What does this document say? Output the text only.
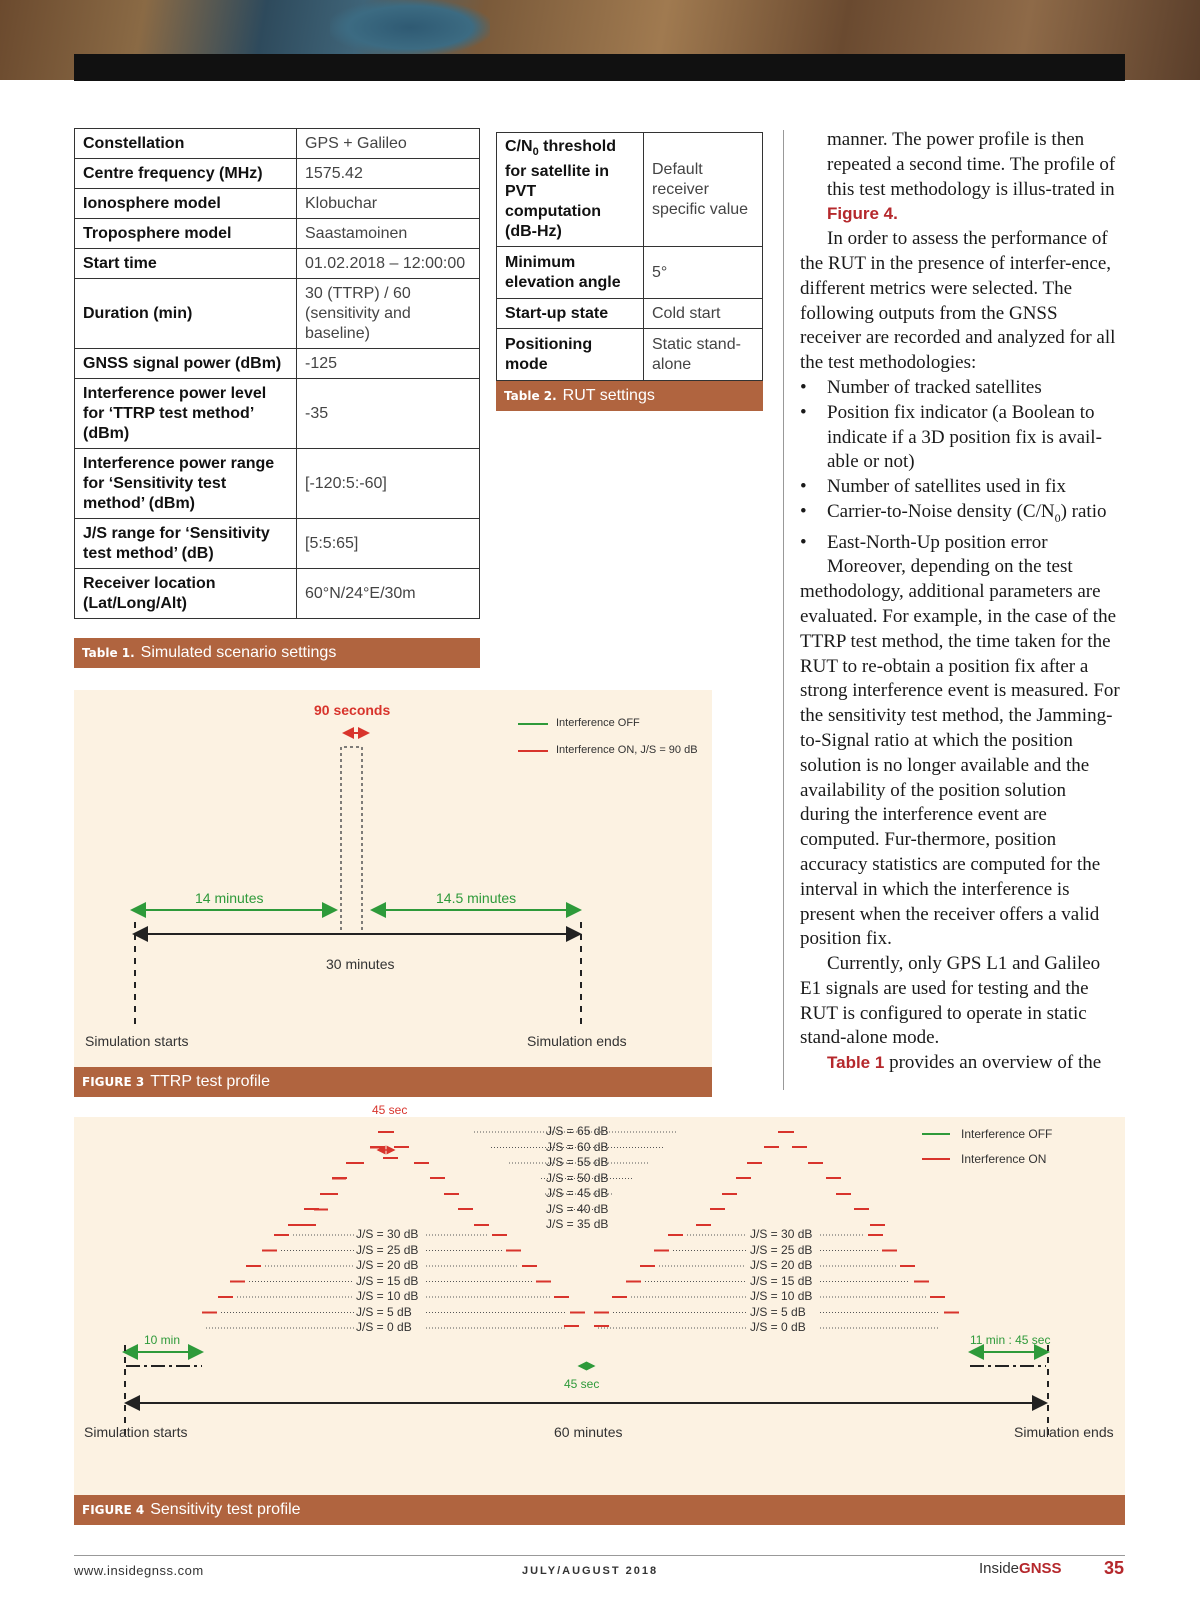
Constellation	GPS + Galileo
Centre frequency (MHz)	1575.42
Ionosphere model	Klobuchar
Troposphere model	Saastamoinen
Start time	01.02.2018 – 12:00:00
Duration (min)	30 (TTRP) / 60 (sensitivity and baseline)
GNSS signal power (dBm)	-125
Interference power level for ‘TTRP test method’ (dBm)	-35
Interference power range for ‘Sensitivity test method’ (dBm)	[-120:5:-60]
J/S range for ‘Sensitivity test method’ (dB)	[5:5:65]
Receiver location (Lat/Long/Alt)	60°N/24°E/30m
Table 1. Simulated scenario settings
$C/N_0$ threshold for satellite in PVT computation (dB-Hz)	Default receiver specific value
Minimum elevation angle	5°
Start-up state	Cold start
Positioning mode	Static stand-alone
Table 2. RUT settings
90 seconds
Interference OFF
Interference ON, J/S = 90 dB
14 minutes	14.5 minutes
30 minutes
Simulation starts	Simulation ends
FIGURE 3 TTRP test profile

manner. The power profile is then repeated a second time. The profile of this test methodology is illus-trated in Figure 4.

In order to assess the performance of the RUT in the presence of interfer-ence, different metrics were selected. The following outputs from the GNSS receiver are recorded and analyzed for all the test methodologies:

• Number of tracked satellites
• Position fix indicator (a Boolean to indicate if a 3D position fix is avail-able or not)
• Number of satellites used in fix
• Carrier-to-Noise density $(C/N_0)$ ratio
• East-North-Up position error

Moreover, depending on the test methodology, additional parameters are evaluated. For example, in the case of the TTRP test method, the time taken for the RUT to re-obtain a position fix after a strong interference event is measured. For the sensitivity test method, the Jamming-to-Signal ratio at which the position solution is no longer available and the availability of the position solution during the interference event are computed. Fur-thermore, position accuracy statistics are computed for the interval in which the interference is present when the receiver offers a valid position fix.

Currently, only GPS L1 and Galileo E1 signals are used for testing and the RUT is configured to operate in static stand-alone mode.

Table 1 provides an overview of the

45 sec
45 sec
Interference OFF
Interference ON
10 min	11 min : 45 sec
60 minutes
Simulation starts	Simulation ends
J/S = 65 dB
J/S = 60 dB
J/S = 55 dB
J/S = 50 dB
J/S = 45 dB
J/S = 40 dB
J/S = 35 dB
J/S = 30 dB	J/S = 30 dB
J/S = 25 dB	J/S = 25 dB
J/S = 20 dB	J/S = 20 dB
J/S = 15 dB	J/S = 15 dB
J/S = 10 dB	J/S = 10 dB
J/S = 5 dB	J/S = 5 dB
J/S = 0 dB	J/S = 0 dB
FIGURE 4 Sensitivity test profile
www.insidegnss.com	JULY/AUGUST 2018	InsideGNSS 35
